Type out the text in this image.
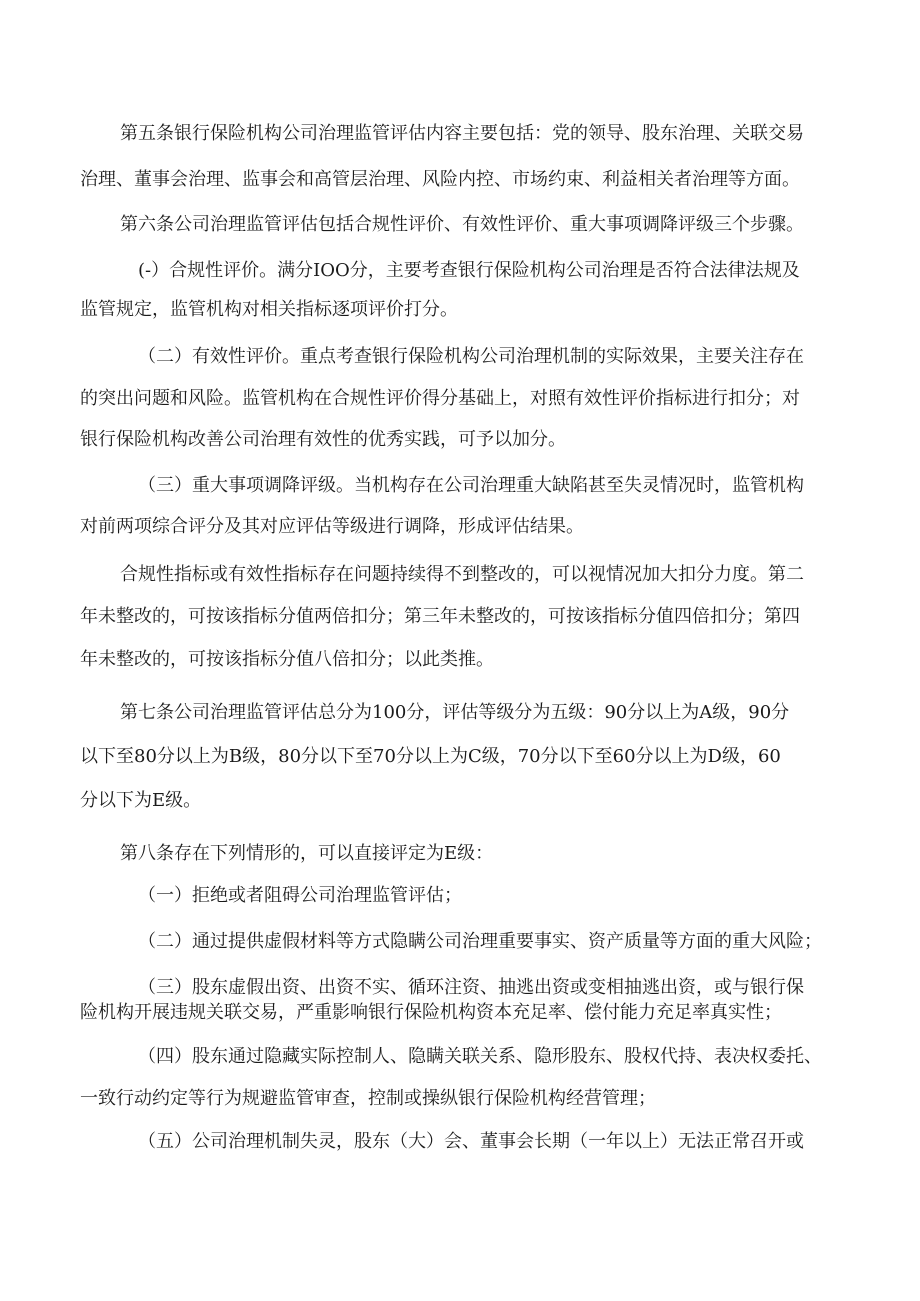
第五条银行保险机构公司治理监管评估内容主要包括：党的领导、股东治理、关联交易
治理、董事会治理、监事会和高管层治理、风险内控、市场约束、利益相关者治理等方面。
第六条公司治理监管评估包括合规性评价、有效性评价、重大事项调降评级三个步骤。
(-）合规性评价。满分IOO分，主要考查银行保险机构公司治理是否符合法律法规及
监管规定，监管机构对相关指标逐项评价打分。
（二）有效性评价。重点考查银行保险机构公司治理机制的实际效果，主要关注存在
的突出问题和风险。监管机构在合规性评价得分基础上，对照有效性评价指标进行扣分；对
银行保险机构改善公司治理有效性的优秀实践，可予以加分。
（三）重大事项调降评级。当机构存在公司治理重大缺陷甚至失灵情况时，监管机构
对前两项综合评分及其对应评估等级进行调降，形成评估结果。
合规性指标或有效性指标存在问题持续得不到整改的，可以视情况加大扣分力度。第二
年未整改的，可按该指标分值两倍扣分；第三年未整改的，可按该指标分值四倍扣分；第四
年未整改的，可按该指标分值八倍扣分；以此类推。
第七条公司治理监管评估总分为100分，评估等级分为五级：90分以上为A级，90分
以下至80分以上为B级，80分以下至70分以上为C级，70分以下至60分以上为D级，60
分以下为E级。
第八条存在下列情形的，可以直接评定为E级：
（一）拒绝或者阻碍公司治理监管评估；
（二）通过提供虚假材料等方式隐瞒公司治理重要事实、资产质量等方面的重大风险；
（三）股东虚假出资、出资不实、循环注资、抽逃出资或变相抽逃出资，或与银行保
险机构开展违规关联交易，严重影响银行保险机构资本充足率、偿付能力充足率真实性；
（四）股东通过隐藏实际控制人、隐瞒关联关系、隐形股东、股权代持、表决权委托、
一致行动约定等行为规避监管审查，控制或操纵银行保险机构经营管理；
（五）公司治理机制失灵，股东（大）会、董事会长期（一年以上）无法正常召开或
